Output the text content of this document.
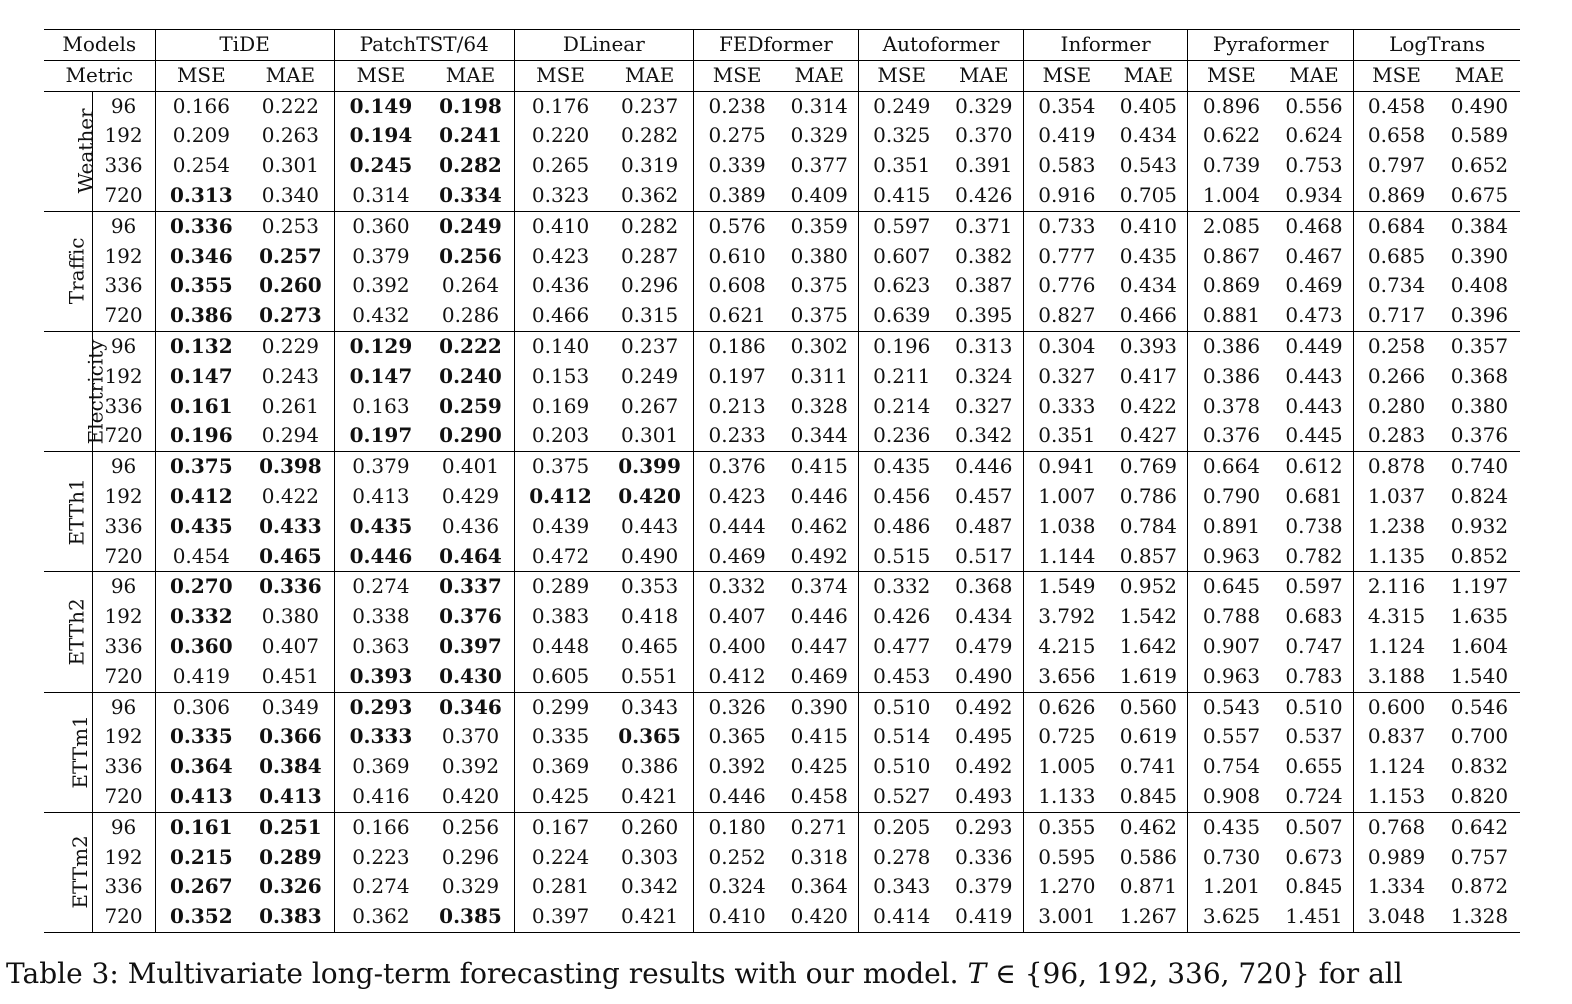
Models		TiDE		PatchTST/64		DLinear		FEDformer		Autoformer		Informer		Pyraformer		LogTrans	
Metric		MSE	MAE	MSE	MAE	MSE	MAE	MSE	MAE	MSE	MAE	MSE	MAE	MSE	MAE	MSE	MAE
Weather	96	0.166	0.222	0.149	0.198	0.176	0.237	0.238	0.314	0.249	0.329	0.354	0.405	0.896	0.556	0.458	0.490
	192	0.209	0.263	0.194	0.241	0.220	0.282	0.275	0.329	0.325	0.370	0.419	0.434	0.622	0.624	0.658	0.589
	336	0.254	0.301	0.245	0.282	0.265	0.319	0.339	0.377	0.351	0.391	0.583	0.543	0.739	0.753	0.797	0.652
	720	0.313	0.340	0.314	0.334	0.323	0.362	0.389	0.409	0.415	0.426	0.916	0.705	1.004	0.934	0.869	0.675
Traffic	96	0.336	0.253	0.360	0.249	0.410	0.282	0.576	0.359	0.597	0.371	0.733	0.410	2.085	0.468	0.684	0.384
	192	0.346	0.257	0.379	0.256	0.423	0.287	0.610	0.380	0.607	0.382	0.777	0.435	0.867	0.467	0.685	0.390
	336	0.355	0.260	0.392	0.264	0.436	0.296	0.608	0.375	0.623	0.387	0.776	0.434	0.869	0.469	0.734	0.408
	720	0.386	0.273	0.432	0.286	0.466	0.315	0.621	0.375	0.639	0.395	0.827	0.466	0.881	0.473	0.717	0.396
Electricity	96	0.132	0.229	0.129	0.222	0.140	0.237	0.186	0.302	0.196	0.313	0.304	0.393	0.386	0.449	0.258	0.357
	192	0.147	0.243	0.147	0.240	0.153	0.249	0.197	0.311	0.211	0.324	0.327	0.417	0.386	0.443	0.266	0.368
	336	0.161	0.261	0.163	0.259	0.169	0.267	0.213	0.328	0.214	0.327	0.333	0.422	0.378	0.443	0.280	0.380
	720	0.196	0.294	0.197	0.290	0.203	0.301	0.233	0.344	0.236	0.342	0.351	0.427	0.376	0.445	0.283	0.376
ETTh1	96	0.375	0.398	0.379	0.401	0.375	0.399	0.376	0.415	0.435	0.446	0.941	0.769	0.664	0.612	0.878	0.740
	192	0.412	0.422	0.413	0.429	0.412	0.420	0.423	0.446	0.456	0.457	1.007	0.786	0.790	0.681	1.037	0.824
	336	0.435	0.433	0.435	0.436	0.439	0.443	0.444	0.462	0.486	0.487	1.038	0.784	0.891	0.738	1.238	0.932
	720	0.454	0.465	0.446	0.464	0.472	0.490	0.469	0.492	0.515	0.517	1.144	0.857	0.963	0.782	1.135	0.852
ETTh2	96	0.270	0.336	0.274	0.337	0.289	0.353	0.332	0.374	0.332	0.368	1.549	0.952	0.645	0.597	2.116	1.197
	192	0.332	0.380	0.338	0.376	0.383	0.418	0.407	0.446	0.426	0.434	3.792	1.542	0.788	0.683	4.315	1.635
	336	0.360	0.407	0.363	0.397	0.448	0.465	0.400	0.447	0.477	0.479	4.215	1.642	0.907	0.747	1.124	1.604
	720	0.419	0.451	0.393	0.430	0.605	0.551	0.412	0.469	0.453	0.490	3.656	1.619	0.963	0.783	3.188	1.540
ETTm1	96	0.306	0.349	0.293	0.346	0.299	0.343	0.326	0.390	0.510	0.492	0.626	0.560	0.543	0.510	0.600	0.546
	192	0.335	0.366	0.333	0.370	0.335	0.365	0.365	0.415	0.514	0.495	0.725	0.619	0.557	0.537	0.837	0.700
	336	0.364	0.384	0.369	0.392	0.369	0.386	0.392	0.425	0.510	0.492	1.005	0.741	0.754	0.655	1.124	0.832
	720	0.413	0.413	0.416	0.420	0.425	0.421	0.446	0.458	0.527	0.493	1.133	0.845	0.908	0.724	1.153	0.820
ETTm2	96	0.161	0.251	0.166	0.256	0.167	0.260	0.180	0.271	0.205	0.293	0.355	0.462	0.435	0.507	0.768	0.642
	192	0.215	0.289	0.223	0.296	0.224	0.303	0.252	0.318	0.278	0.336	0.595	0.586	0.730	0.673	0.989	0.757
	336	0.267	0.326	0.274	0.329	0.281	0.342	0.324	0.364	0.343	0.379	1.270	0.871	1.201	0.845	1.334	0.872
	720	0.352	0.383	0.362	0.385	0.397	0.421	0.410	0.420	0.414	0.419	3.001	1.267	3.625	1.451	3.048	1.328
Table 3: Multivariate long-term forecasting results with our model. T ∈ {96, 192, 336, 720} for all
